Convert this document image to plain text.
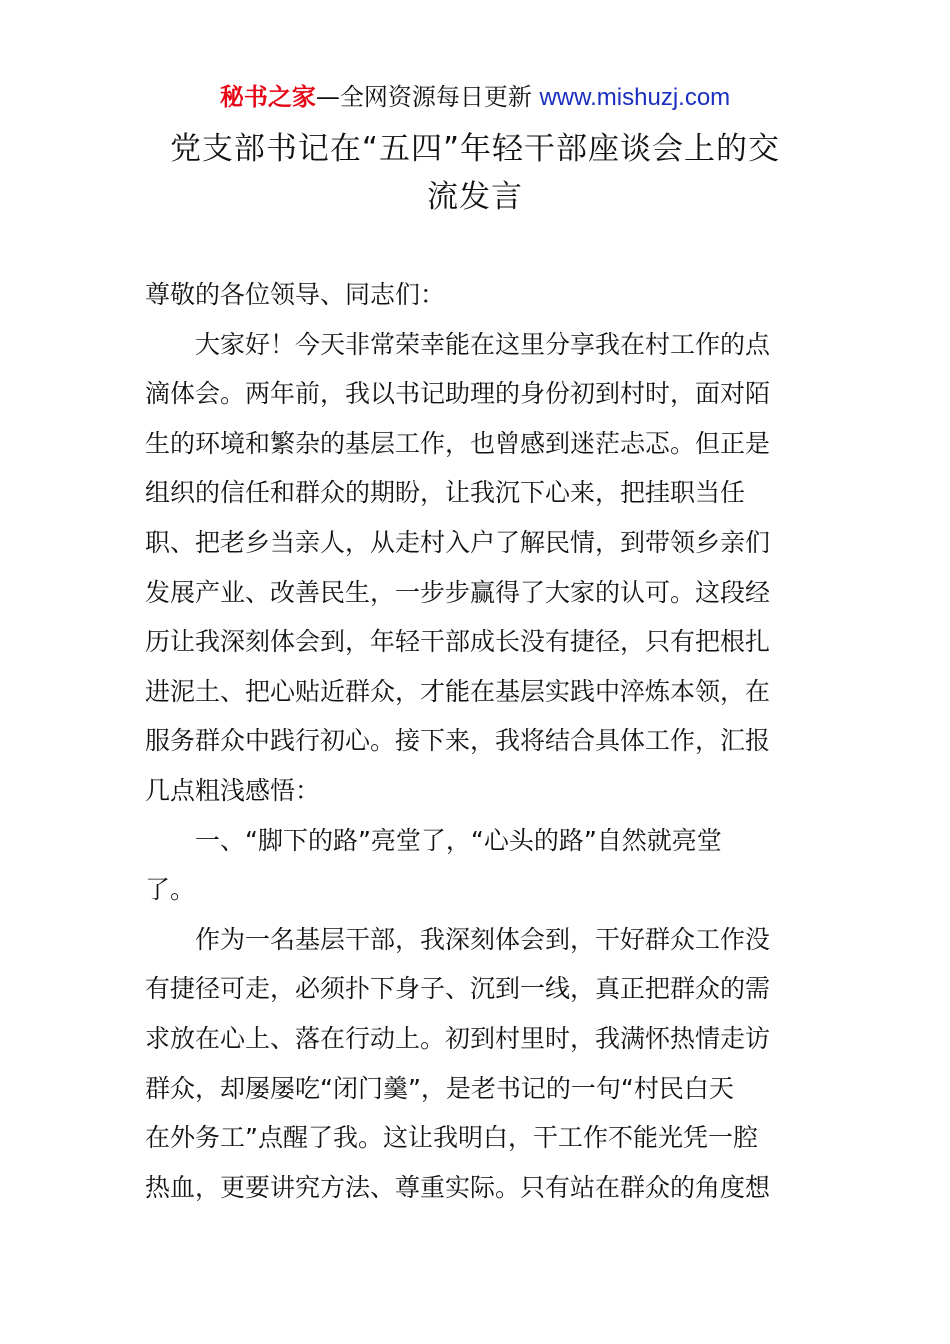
秘书之家—全网资源每日更新 www.mishuzj.com
党支部书记在“五四”年轻干部座谈会上的交
流发言
尊敬的各位领导、同志们：
大家好！今天非常荣幸能在这里分享我在村工作的点
滴体会。两年前，我以书记助理的身份初到村时，面对陌
生的环境和繁杂的基层工作，也曾感到迷茫忐忑。但正是
组织的信任和群众的期盼，让我沉下心来，把挂职当任
职、把老乡当亲人，从走村入户了解民情，到带领乡亲们
发展产业、改善民生，一步步赢得了大家的认可。这段经
历让我深刻体会到，年轻干部成长没有捷径，只有把根扎
进泥土、把心贴近群众，才能在基层实践中淬炼本领，在
服务群众中践行初心。接下来，我将结合具体工作，汇报
几点粗浅感悟：
一、“脚下的路”亮堂了，“心头的路”自然就亮堂
了。
作为一名基层干部，我深刻体会到，干好群众工作没
有捷径可走，必须扑下身子、沉到一线，真正把群众的需
求放在心上、落在行动上。初到村里时，我满怀热情走访
群众，却屡屡吃“闭门羹”，是老书记的一句“村民白天
在外务工”点醒了我。这让我明白，干工作不能光凭一腔
热血，更要讲究方法、尊重实际。只有站在群众的角度想
